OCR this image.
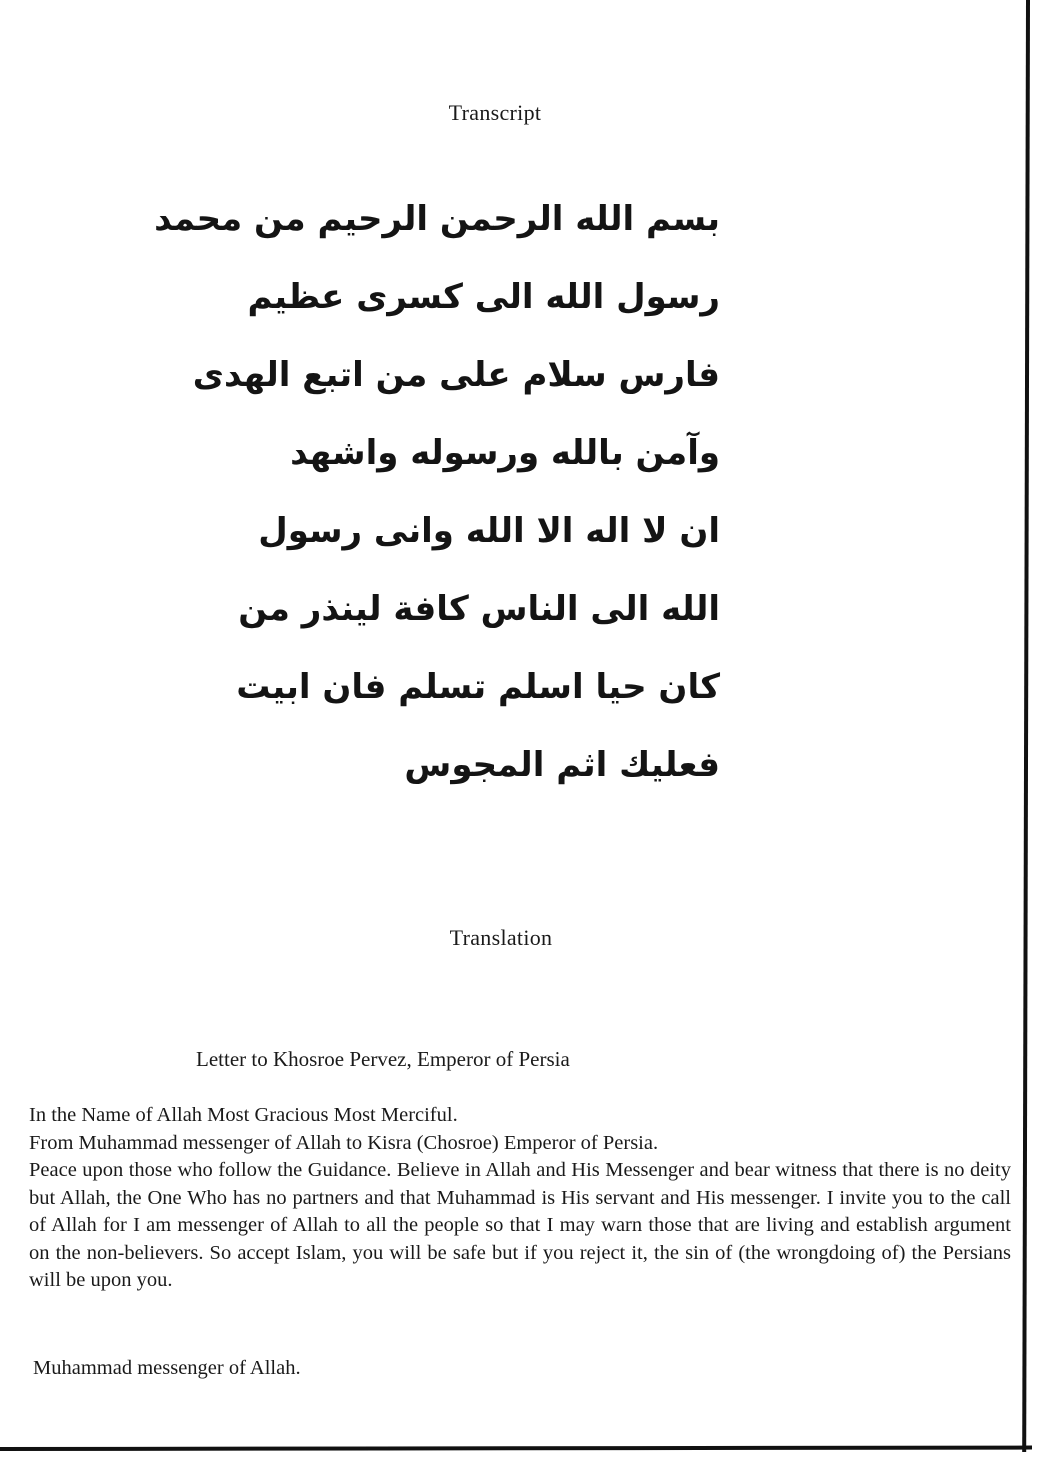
Transcript
بسم الله الرحمن الرحيم من محمد
رسول الله الى كسرى عظيم
فارس سلام على من اتبع الهدى
وآمن بالله ورسوله واشهد
ان لا اله الا الله وانى رسول
الله الى الناس كافة لينذر من
كان حيا اسلم تسلم فان ابيت
فعليك اثم المجوس
Translation
Letter to Khosroe Pervez, Emperor of Persia
In the Name of Allah Most Gracious Most Merciful.
From Muhammad messenger of Allah to Kisra (Chosroe) Emperor of Persia.
Peace upon those who follow the Guidance. Believe in Allah and His Messenger and bear witness that there is no deity but Allah, the One Who has no partners and that Muhammad is His servant and His messenger. I invite you to the call of Allah for I am messenger of Allah to all the people so that I may warn those that are living and establish argument on the non-believers. So accept Islam, you will be safe but if you reject it, the sin of (the wrongdoing of) the Persians will be upon you.
Muhammad messenger of Allah.
